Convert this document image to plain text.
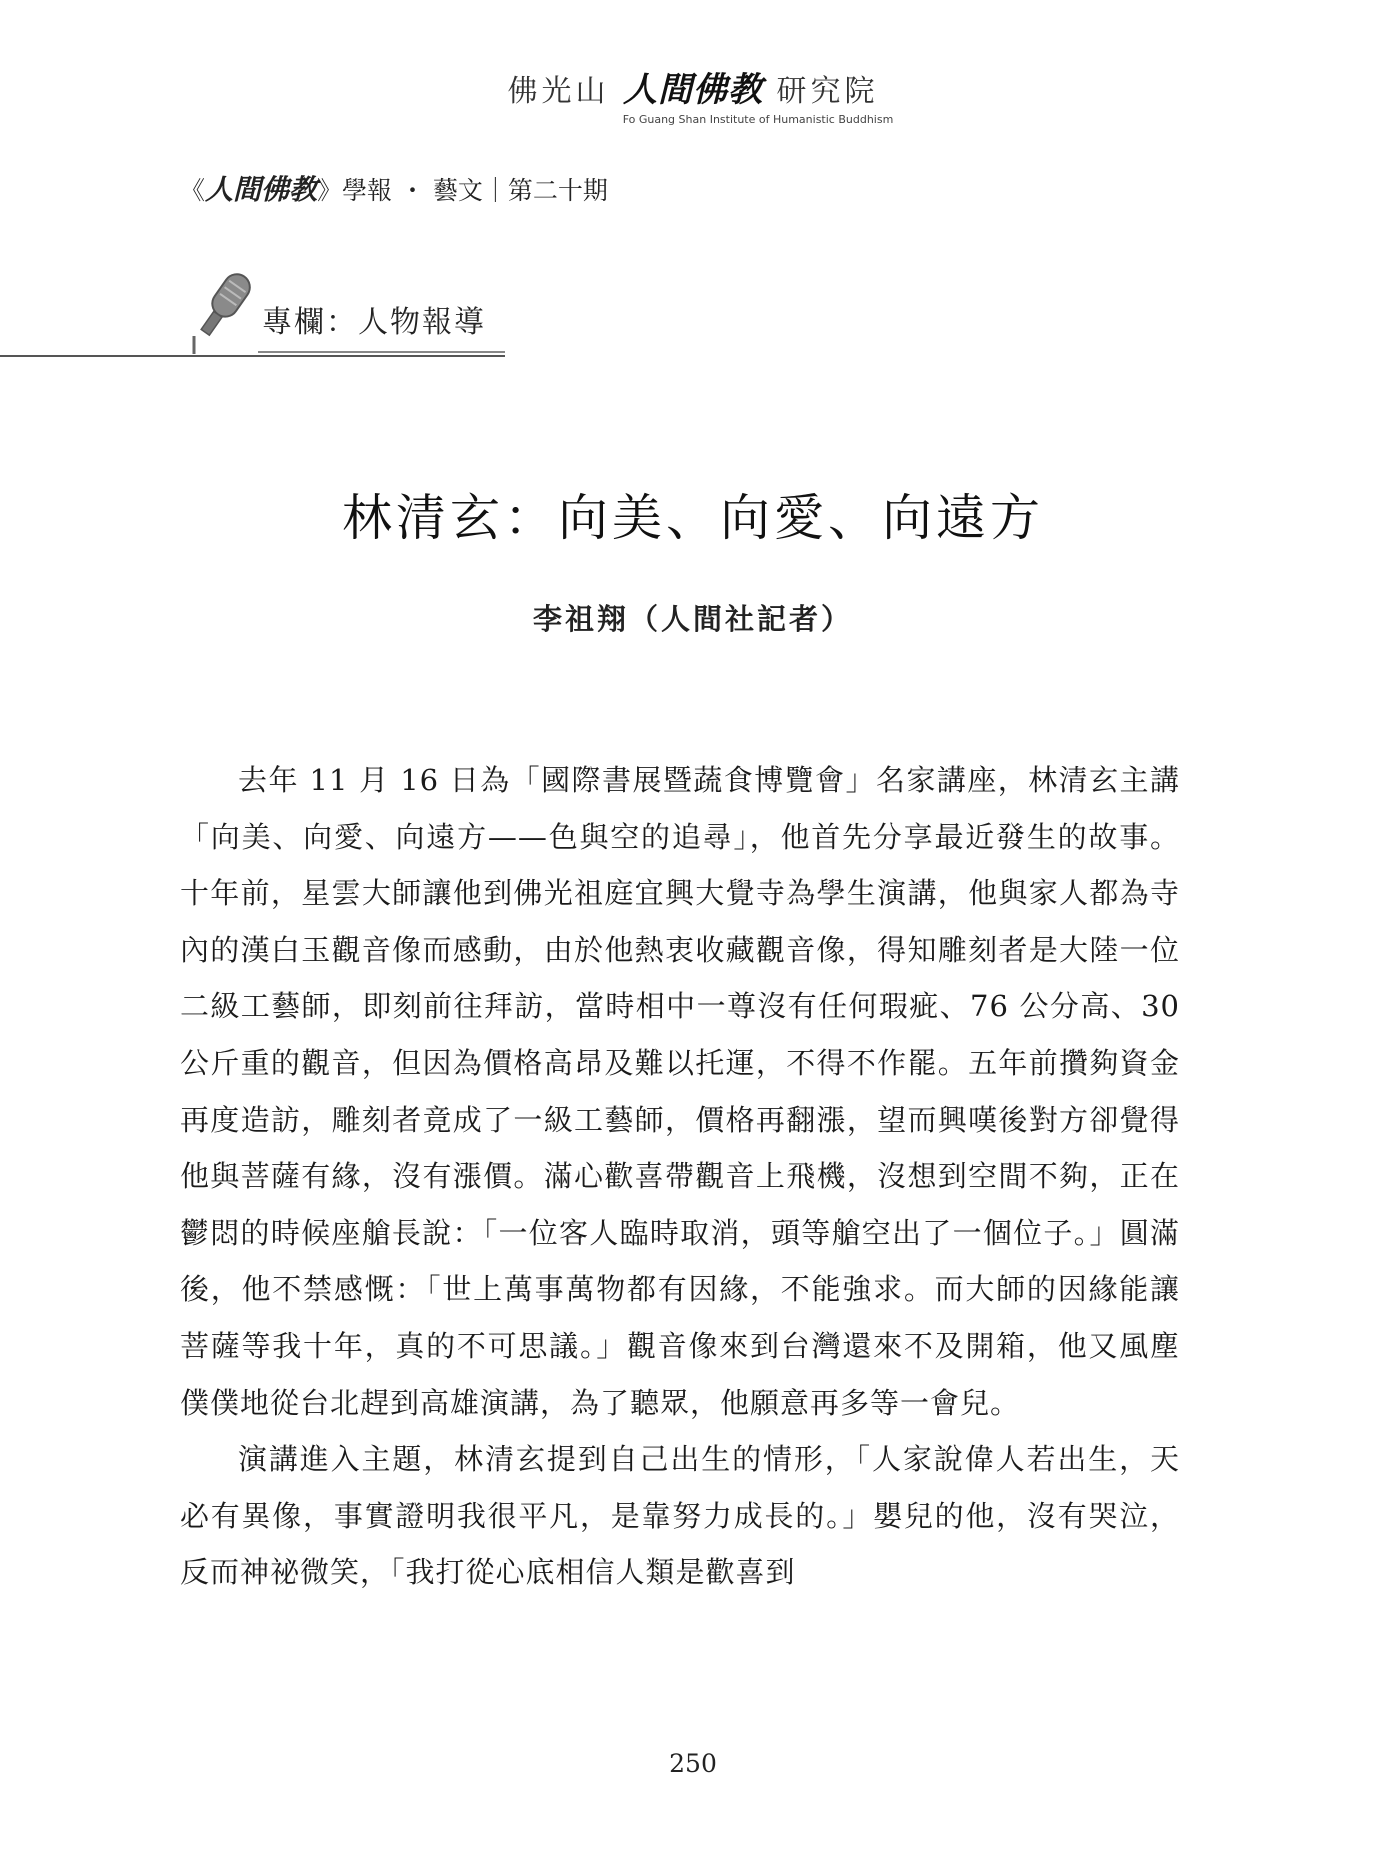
佛光山 人間佛教 研究院
Fo Guang Shan Institute of Humanistic Buddhism
《人間佛教》學報 ・ 藝文｜第二十期
專欄：人物報導
林清玄：向美、向愛、向遠方
李祖翔（人間社記者）

去年 11 月 16 日為「國際書展暨蔬食博覽會」名家講座，林清玄主講「向美、向愛、向遠方——色與空的追尋」，他首先分享最近發生的故事。十年前，星雲大師讓他到佛光祖庭宜興大覺寺為學生演講，他與家人都為寺內的漢白玉觀音像而感動，由於他熱衷收藏觀音像，得知雕刻者是大陸一位二級工藝師，即刻前往拜訪，當時相中一尊沒有任何瑕疵、76 公分高、30 公斤重的觀音，但因為價格高昂及難以托運，不得不作罷。五年前攢夠資金再度造訪，雕刻者竟成了一級工藝師，價格再翻漲，望而興嘆後對方卻覺得他與菩薩有緣，沒有漲價。滿心歡喜帶觀音上飛機，沒想到空間不夠，正在鬱悶的時候座艙長說：「一位客人臨時取消，頭等艙空出了一個位子。」圓滿後，他不禁感慨：「世上萬事萬物都有因緣，不能強求。而大師的因緣能讓菩薩等我十年，真的不可思議。」觀音像來到台灣還來不及開箱，他又風塵僕僕地從台北趕到高雄演講，為了聽眾，他願意再多等一會兒。

演講進入主題，林清玄提到自己出生的情形，「人家說偉人若出生，天必有異像，事實證明我很平凡，是靠努力成長的。」嬰兒的他，沒有哭泣，反而神祕微笑，「我打從心底相信人類是歡喜到

250
